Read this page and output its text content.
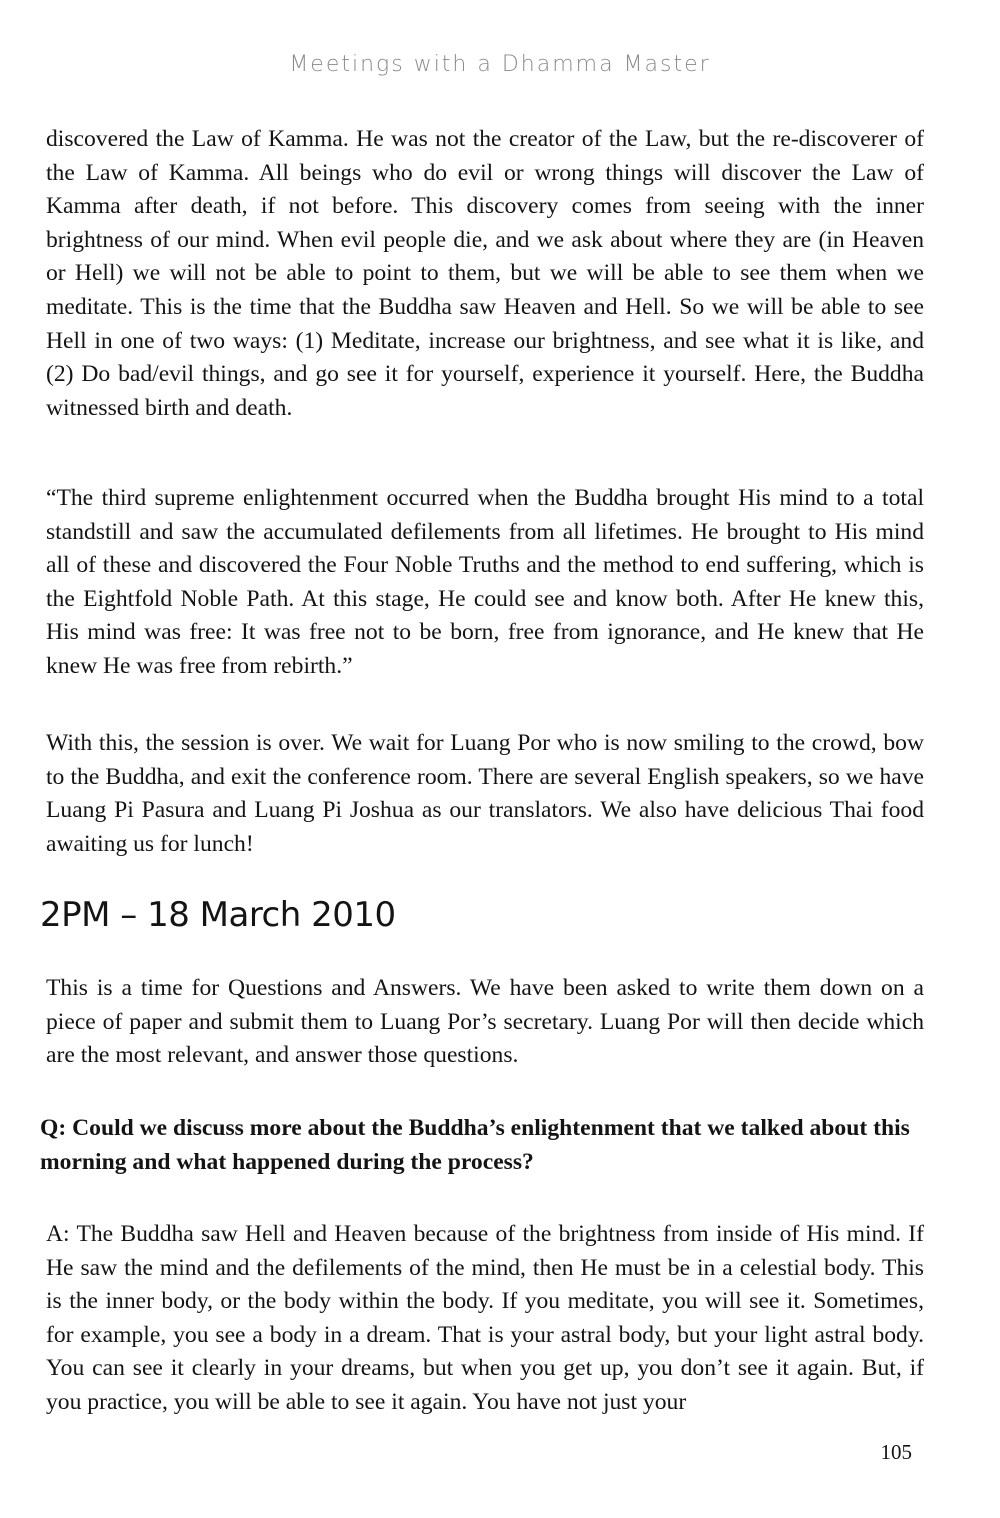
Meetings with a Dhamma Master

discovered the Law of Kamma. He was not the creator of the Law, but the re-discoverer of the Law of Kamma. All beings who do evil or wrong things will discover the Law of Kamma after death, if not before. This discovery comes from seeing with the inner brightness of our mind. When evil people die, and we ask about where they are (in Heaven or Hell) we will not be able to point to them, but we will be able to see them when we meditate. This is the time that the Buddha saw Heaven and Hell. So we will be able to see Hell in one of two ways: (1) Meditate, increase our brightness, and see what it is like, and (2) Do bad/evil things, and go see it for yourself, experience it yourself. Here, the Buddha witnessed birth and death.

“The third supreme enlightenment occurred when the Buddha brought His mind to a total standstill and saw the accumulated defilements from all lifetimes. He brought to His mind all of these and discovered the Four Noble Truths and the method to end suffering, which is the Eightfold Noble Path. At this stage, He could see and know both. After He knew this, His mind was free: It was free not to be born, free from ignorance, and He knew that He knew He was free from rebirth.”

With this, the session is over. We wait for Luang Por who is now smiling to the crowd, bow to the Buddha, and exit the conference room. There are several English speakers, so we have Luang Pi Pasura and Luang Pi Joshua as our translators. We also have delicious Thai food awaiting us for lunch!

2PM – 18 March 2010

This is a time for Questions and Answers. We have been asked to write them down on a piece of paper and submit them to Luang Por’s secretary. Luang Por will then decide which are the most relevant, and answer those questions.

Q: Could we discuss more about the Buddha’s enlightenment that we talked about this morning and what happened during the process?

A: The Buddha saw Hell and Heaven because of the brightness from inside of His mind. If He saw the mind and the defilements of the mind, then He must be in a celestial body. This is the inner body, or the body within the body. If you meditate, you will see it. Sometimes, for example, you see a body in a dream. That is your astral body, but your light astral body. You can see it clearly in your dreams, but when you get up, you don’t see it again. But, if you practice, you will be able to see it again. You have not just your

105
